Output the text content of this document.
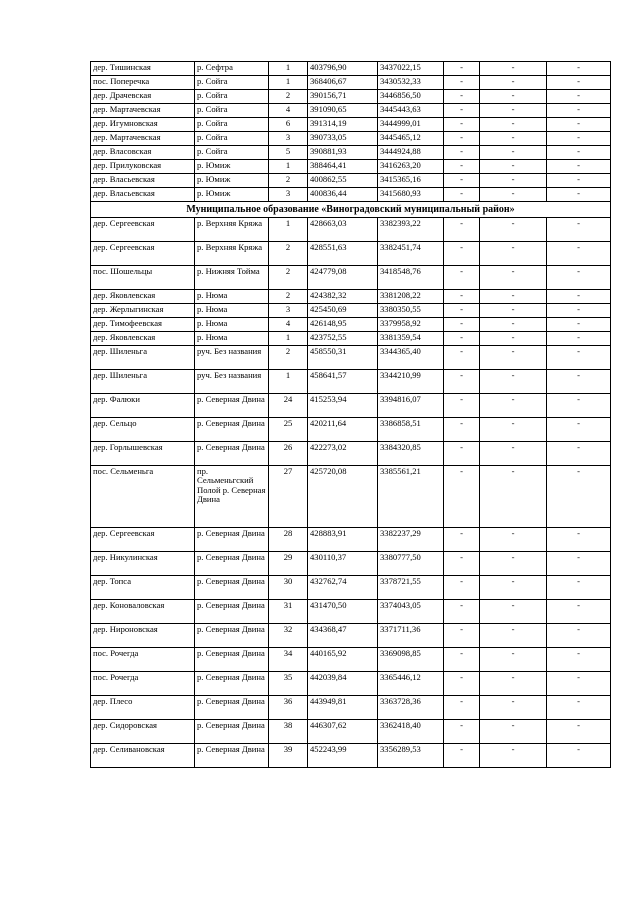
дер. Тишинская	р. Сефтра	1	403796,90	3437022,15	-	-	-
пос. Поперечка	р. Сойга	1	368406,67	3430532,33	-	-	-
дер. Драчевская	р. Сойга	2	390156,71	3446856,50	-	-	-
дер. Мартачевская	р. Сойга	4	391090,65	3445443,63	-	-	-
дер. Игумновская	р. Сойга	6	391314,19	3444999,01	-	-	-
дер. Мартачевская	р. Сойга	3	390733,05	3445465,12	-	-	-
дер. Власовская	р. Сойга	5	390881,93	3444924,88	-	-	-
дер. Прилуковская	р. Юмиж	1	388464,41	3416263,20	-	-	-
дер. Власьевская	р. Юмиж	2	400862,55	3415365,16	-	-	-
дер. Власьевская	р. Юмиж	3	400836,44	3415680,93	-	-	-
Муниципальное образование «Виноградовский муниципальный район»							
дер. Сергеевская	р. Верхняя Кряжа	1	428663,03	3382393,22	-	-	-
дер. Сергеевская	р. Верхняя Кряжа	2	428551,63	3382451,74	-	-	-
пос. Шошельцы	р. Нижняя Тойма	2	424779,08	3418548,76	-	-	-
дер. Яковлевская	р. Нюма	2	424382,32	3381208,22	-	-	-
дер. Жерлыгинская	р. Нюма	3	425450,69	3380350,55	-	-	-
дер. Тимофеевская	р. Нюма	4	426148,95	3379958,92	-	-	-
дер. Яковлевская	р. Нюма	1	423752,55	3381359,54	-	-	-
дер. Шиленьга	руч. Без названия	2	458550,31	3344365,40	-	-	-
дер. Шиленьга	руч. Без названия	1	458641,57	3344210,99	-	-	-
дер. Фалюки	р. Северная Двина	24	415253,94	3394816,07	-	-	-
дер. Сельцо	р. Северная Двина	25	420211,64	3386858,51	-	-	-
дер. Горлышевская	р. Северная Двина	26	422273,02	3384320,85	-	-	-
пос. Сельменьга	пр. Сельменьгский Полой р. Северная Двина	27	425720,08	3385561,21	-	-	-
дер. Сергеевская	р. Северная Двина	28	428883,91	3382237,29	-	-	-
дер. Никулинская	р. Северная Двина	29	430110,37	3380777,50	-	-	-
дер. Топса	р. Северная Двина	30	432762,74	3378721,55	-	-	-
дер. Коноваловская	р. Северная Двина	31	431470,50	3374043,05	-	-	-
дер. Нироновская	р. Северная Двина	32	434368,47	3371711,36	-	-	-
пос. Рочегда	р. Северная Двина	34	440165,92	3369098,85	-	-	-
пос. Рочегда	р. Северная Двина	35	442039,84	3365446,12	-	-	-
дер. Плесо	р. Северная Двина	36	443949,81	3363728,36	-	-	-
дер. Сидоровская	р. Северная Двина	38	446307,62	3362418,40	-	-	-
дер. Селивановская	р. Северная Двина	39	452243,99	3356289,53	-	-	-
